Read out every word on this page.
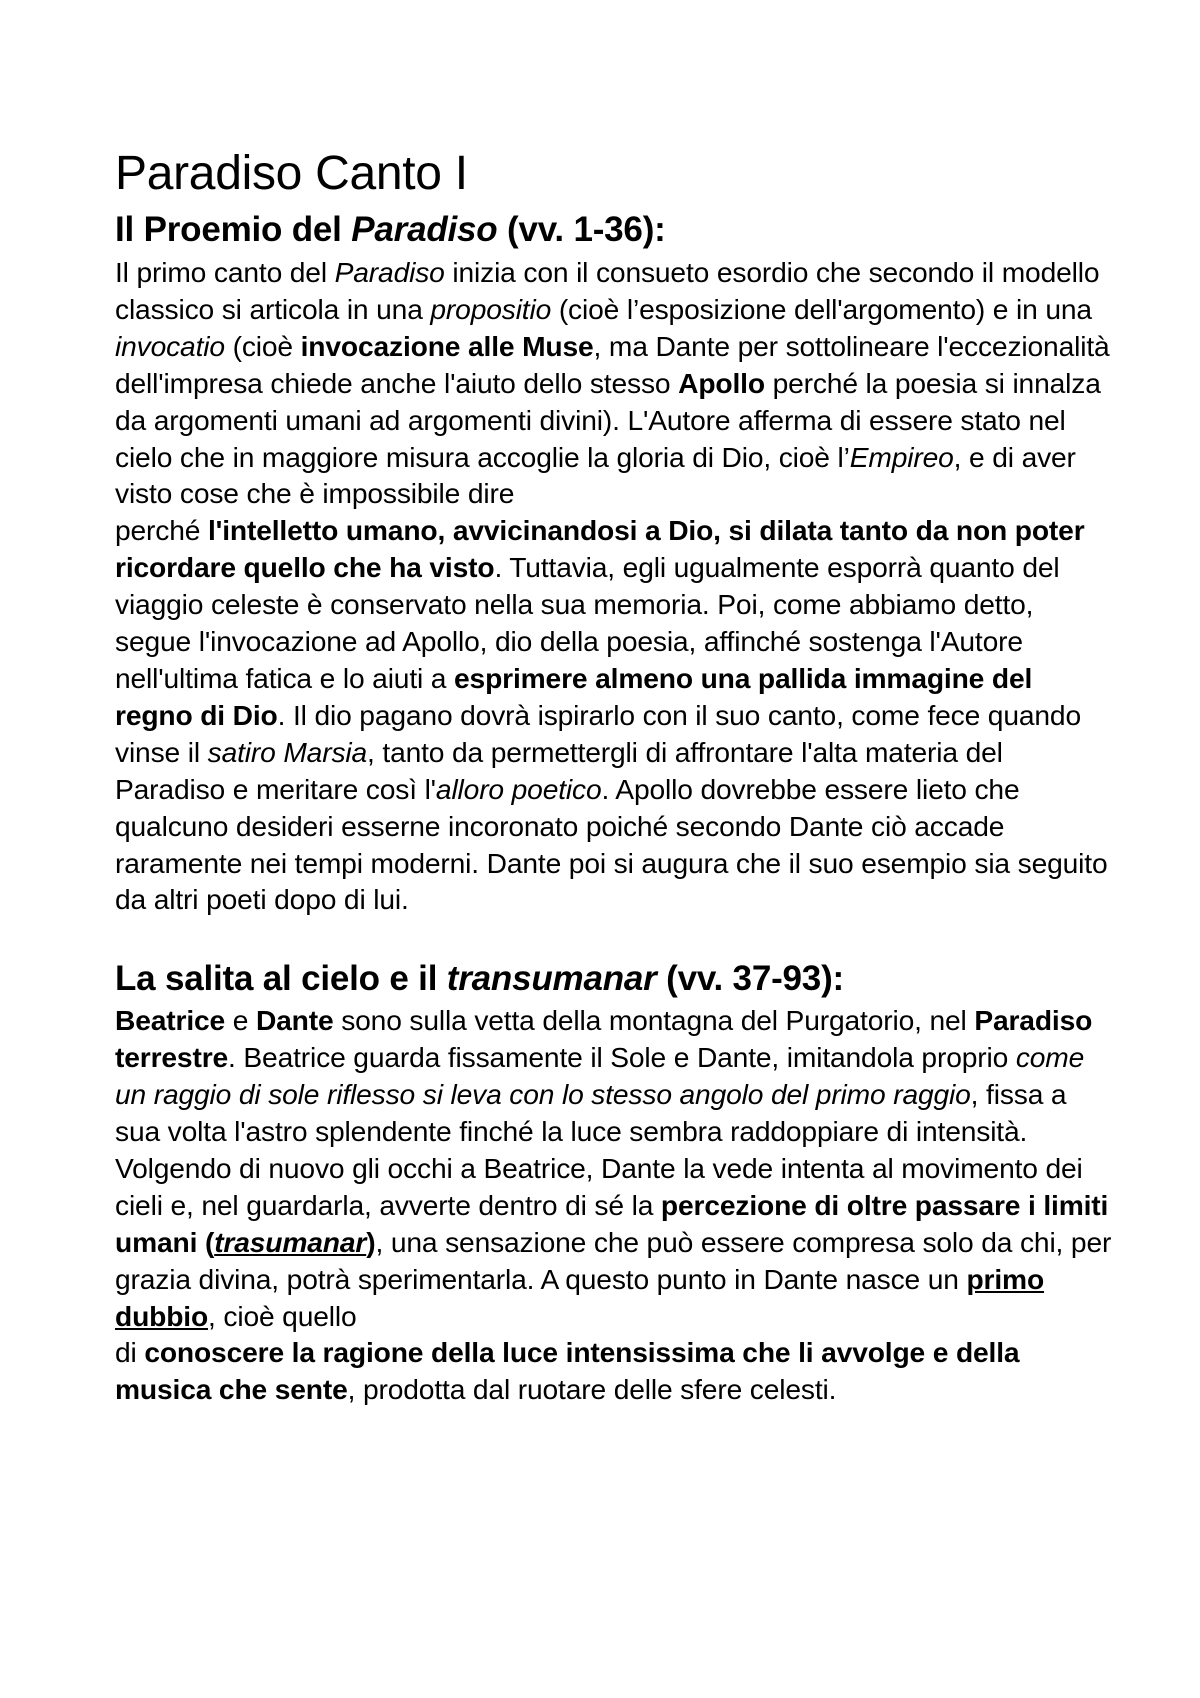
Paradiso Canto I
Il Proemio del Paradiso (vv. 1-36):

Il primo canto del Paradiso inizia con il consueto esordio che secondo il modello classico si articola in una propositio (cioè l’esposizione dell'argomento) e in una invocatio (cioè invocazione alle Muse, ma Dante per sottolineare l'eccezionalità dell'impresa chiede anche l'aiuto dello stesso Apollo perché la poesia si innalza da argomenti umani ad argomenti divini). L'Autore afferma di essere stato nel cielo che in maggiore misura accoglie la gloria di Dio, cioè l’Empireo, e di aver visto cose che è impossibile dire
perché l'intelletto umano, avvicinandosi a Dio, si dilata tanto da non poter ricordare quello che ha visto. Tuttavia, egli ugualmente esporrà quanto del viaggio celeste è conservato nella sua memoria. Poi, come abbiamo detto, segue l'invocazione ad Apollo, dio della poesia, affinché sostenga l'Autore nell'ultima fatica e lo aiuti a esprimere almeno una pallida immagine del regno di Dio. Il dio pagano dovrà ispirarlo con il suo canto, come fece quando vinse il satiro Marsia, tanto da permettergli di affrontare l'alta materia del Paradiso e meritare così l'alloro poetico. Apollo dovrebbe essere lieto che qualcuno desideri esserne incoronato poiché secondo Dante ciò accade raramente nei tempi moderni. Dante poi si augura che il suo esempio sia seguito da altri poeti dopo di lui.

La salita al cielo e il transumanar (vv. 37-93):

Beatrice e Dante sono sulla vetta della montagna del Purgatorio, nel Paradiso terrestre. Beatrice guarda fissamente il Sole e Dante, imitandola proprio come un raggio di sole riflesso si leva con lo stesso angolo del primo raggio, fissa a sua volta l'astro splendente finché la luce sembra raddoppiare di intensità. Volgendo di nuovo gli occhi a Beatrice, Dante la vede intenta al movimento dei cieli e, nel guardarla, avverte dentro di sé la percezione di oltre passare i limiti umani (trasumanar), una sensazione che può essere compresa solo da chi, per grazia divina, potrà sperimentarla. A questo punto in Dante nasce un primo dubbio, cioè quello
di conoscere la ragione della luce intensissima che li avvolge e della musica che sente, prodotta dal ruotare delle sfere celesti.
